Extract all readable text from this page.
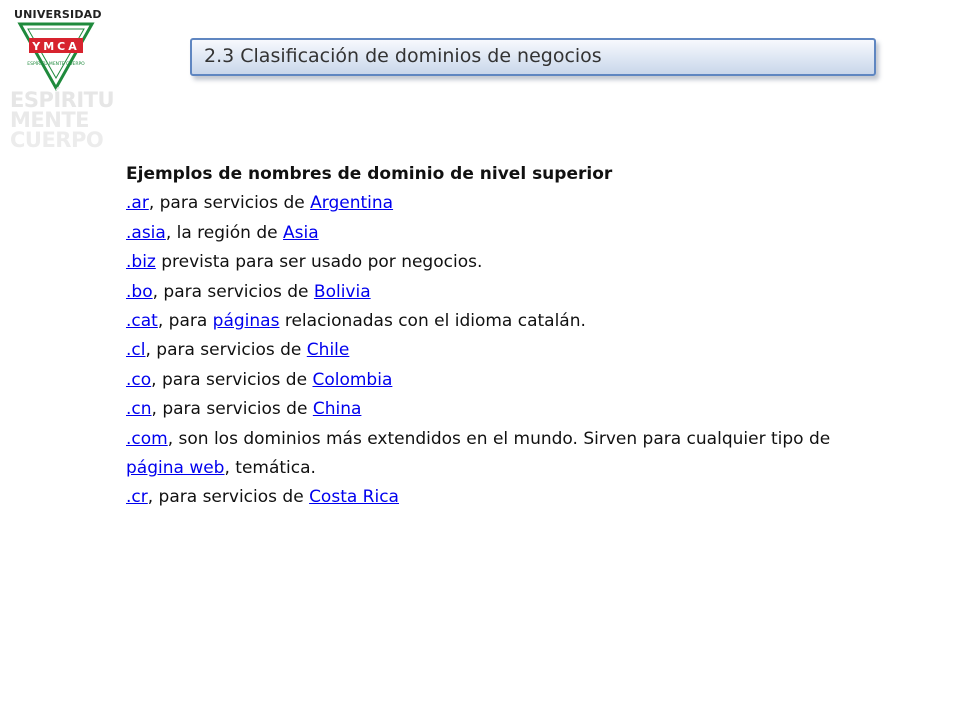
UNIVERSIDAD
YMCA
ESPÍRITU MENTE CUERPO
ESPÍRITU
MENTE
CUERPO
2.3 Clasificación de dominios de negocios
Ejemplos de nombres de dominio de nivel superior
.ar, para servicios de Argentina
.asia, la región de Asia
.biz prevista para ser usado por negocios.
.bo, para servicios de Bolivia
.cat, para páginas relacionadas con el idioma catalán.
.cl, para servicios de Chile
.co, para servicios de Colombia
.cn, para servicios de China
.com, son los dominios más extendidos en el mundo. Sirven para cualquier tipo de página web, temática.
.cr, para servicios de Costa Rica
